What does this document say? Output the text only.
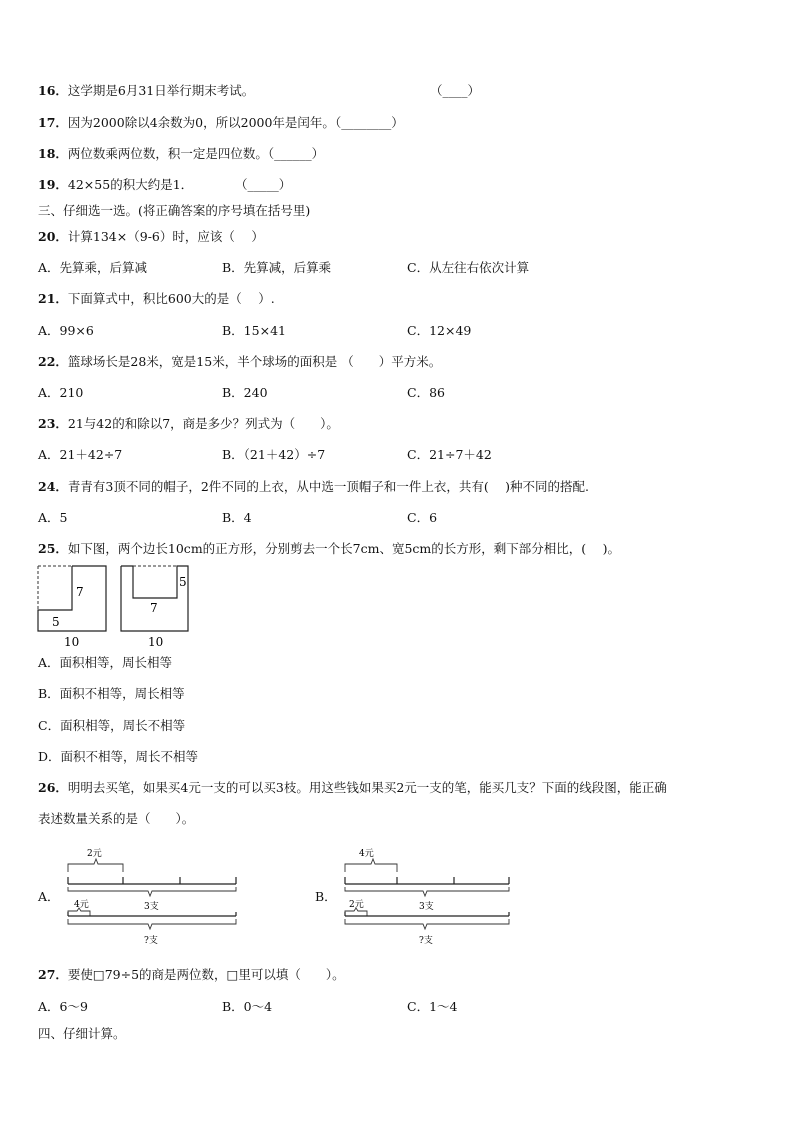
16．这学期是6月31日举行期末考试。	（____）
17．因为2000除以4余数为0，所以2000年是闰年。（________）
18．两位数乘两位数，积一定是四位数。（______）
19．42×55的积大约是1．	（_____）
三、仔细选一选。(将正确答案的序号填在括号里)
20．计算134×（9-6）时，应该（　 ）
A．先算乘，后算减	B．先算减，后算乘	C．从左往右依次计算
21．下面算式中，积比600大的是（　 ）.
A．99×6	B．15×41	C．12×49
22．篮球场长是28米，宽是15米，半个球场的面积是 （　　）平方米。
A．210	B．240	C．86
23．21与42的和除以7，商是多少？列式为（　　）。
A．21＋42÷7	B．（21＋42）÷7	C．21÷7＋42
24．青青有3顶不同的帽子，2件不同的上衣，从中选一顶帽子和一件上衣，共有(　 )种不同的搭配.
A．5	B．4	C．6
25．如下图，两个边长10cm的正方形，分别剪去一个长7cm、宽5cm的长方形，剩下部分相比，(　 )。
7
5
10
5
7
10
A．面积相等，周长相等
B．面积不相等，周长相等
C．面积相等，周长不相等
D．面积不相等，周长不相等
26．明明去买笔，如果买4元一支的可以买3枝。用这些钱如果买2元一支的笔，能买几支？下面的线段图，能正确
表述数量关系的是（　　）。
A．
2元
3支
4元
?支
B．
4元
3支
2元
?支
27．要使□79÷5的商是两位数，□里可以填（　　）。
A．6～9	B．0～4	C．1～4
四、仔细计算。
